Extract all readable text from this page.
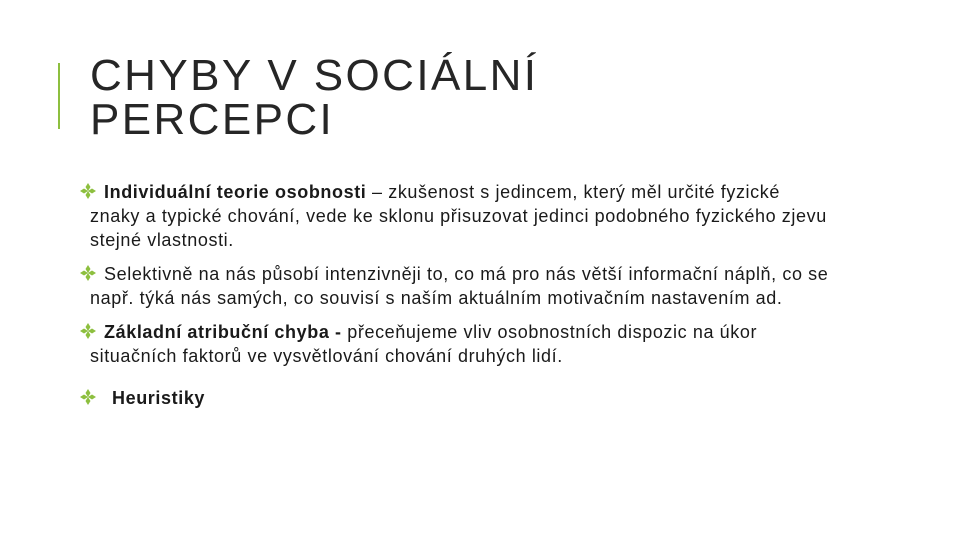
CHYBY V SOCIÁLNÍ
PERCEPCI
Individuální teorie osobnosti – zkušenost s jedincem, který měl určité fyzické znaky a typické chování, vede ke sklonu přisuzovat jedinci podobného fyzického zjevu stejné vlastnosti.
Selektivně na nás působí intenzivněji to, co má pro nás větší informační náplň, co se např. týká nás samých, co souvisí s naším aktuálním motivačním nastavením ad.
Základní atribuční chyba - přeceňujeme vliv osobnostních dispozic na úkor situačních faktorů ve vysvětlování chování druhých lidí.
Heuristiky
